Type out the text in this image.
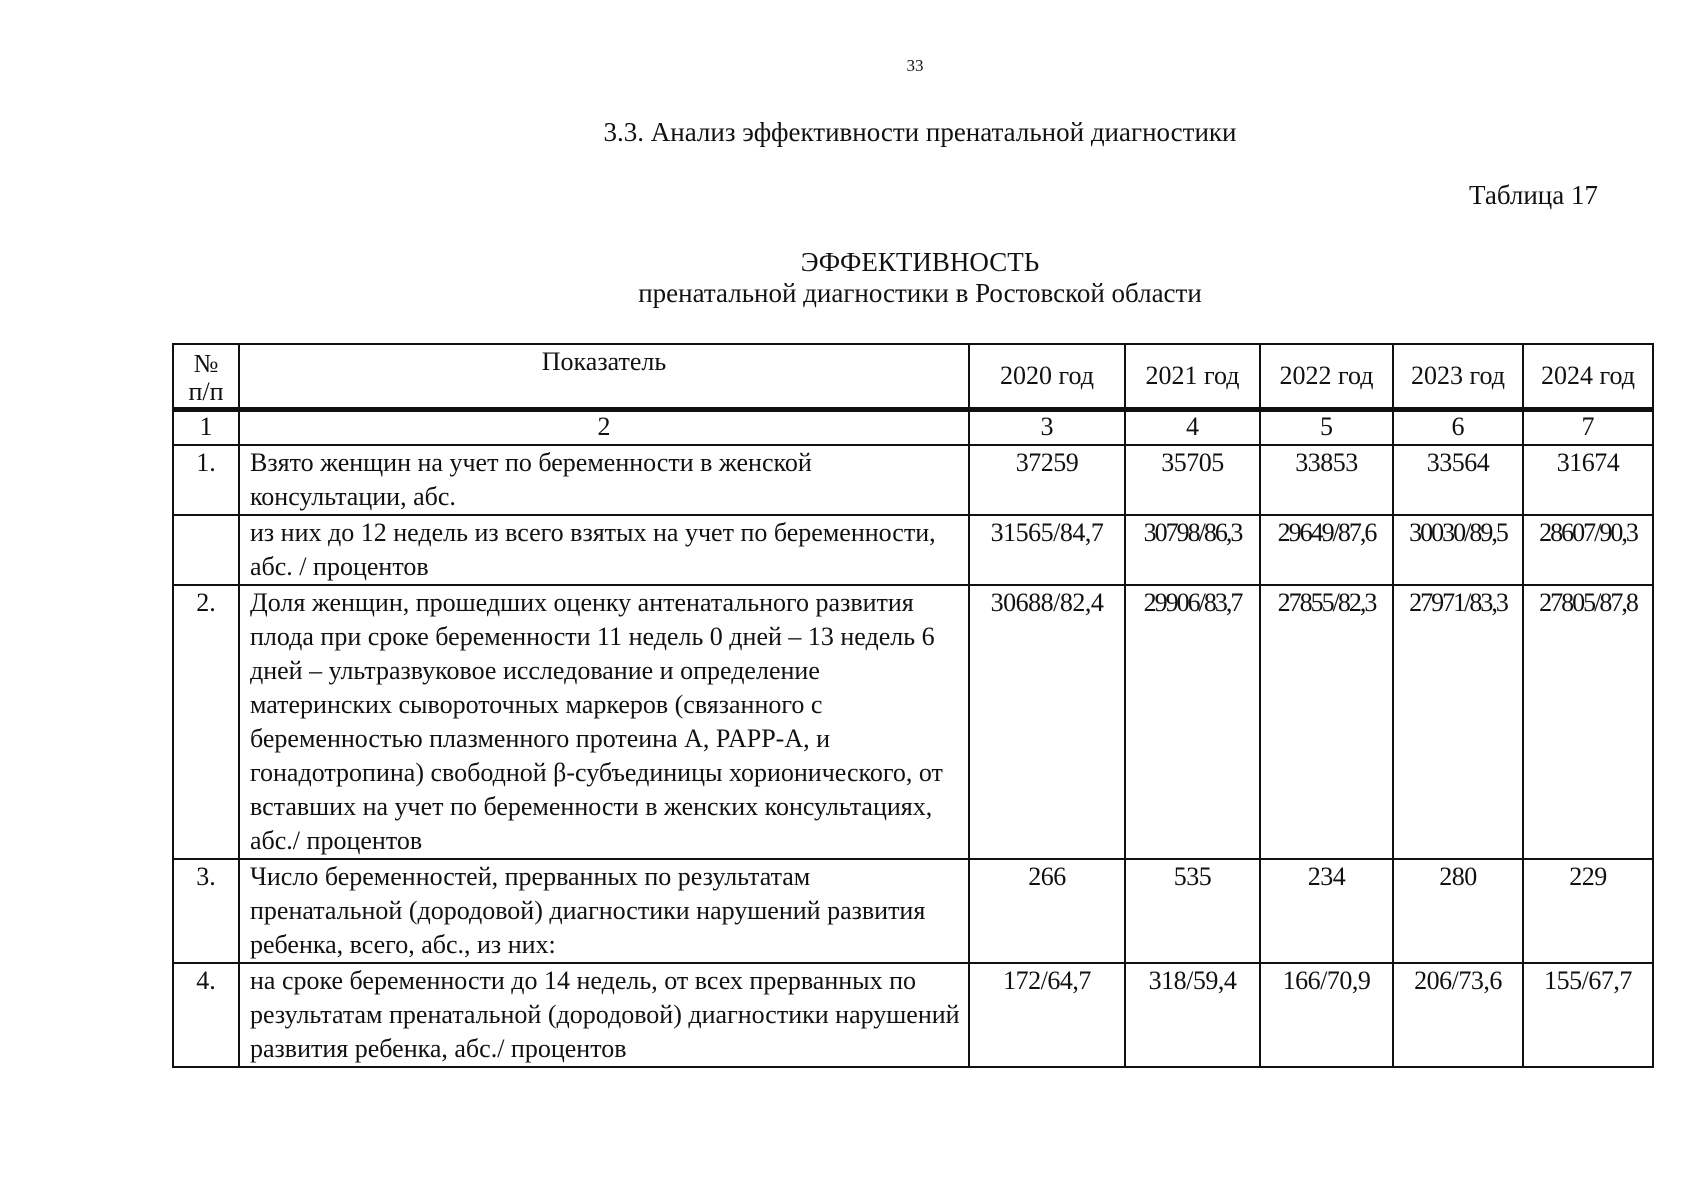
33
3.3. Анализ эффективности пренатальной диагностики
Таблица 17
ЭФФЕКТИВНОСТЬ
пренатальной диагностики в Ростовской области
№
п/п	Показатель	2020 год	2021 год	2022 год	2023 год	2024 год
1	2	3	4	5	6	7
1.	Взято женщин на учет по беременности в женской консультации, абс.	37259	35705	33853	33564	31674
	из них до 12 недель из всего взятых на учет по беременности, абс. / процентов	31565/84,7	30798/86,3	29649/87,6	30030/89,5	28607/90,3
2.	Доля женщин, прошедших оценку антенатального развития плода при сроке беременности 11 недель 0 дней – 13 недель 6 дней – ультразвуковое исследование и определение материнских сывороточных маркеров (связанного с беременностью плазменного протеина А, PAPP-A, и гонадотропина) свободной β-субъединицы хорионического, от вставших на учет по беременности в женских консультациях, абс./ процентов	30688/82,4	29906/83,7	27855/82,3	27971/83,3	27805/87,8
3.	Число беременностей, прерванных по результатам пренатальной (дородовой) диагностики нарушений развития ребенка, всего, абс., из них:	266	535	234	280	229
4.	на сроке беременности до 14 недель, от всех прерванных по результатам пренатальной (дородовой) диагностики нарушений развития ребенка, абс./ процентов	172/64,7	318/59,4	166/70,9	206/73,6	155/67,7
